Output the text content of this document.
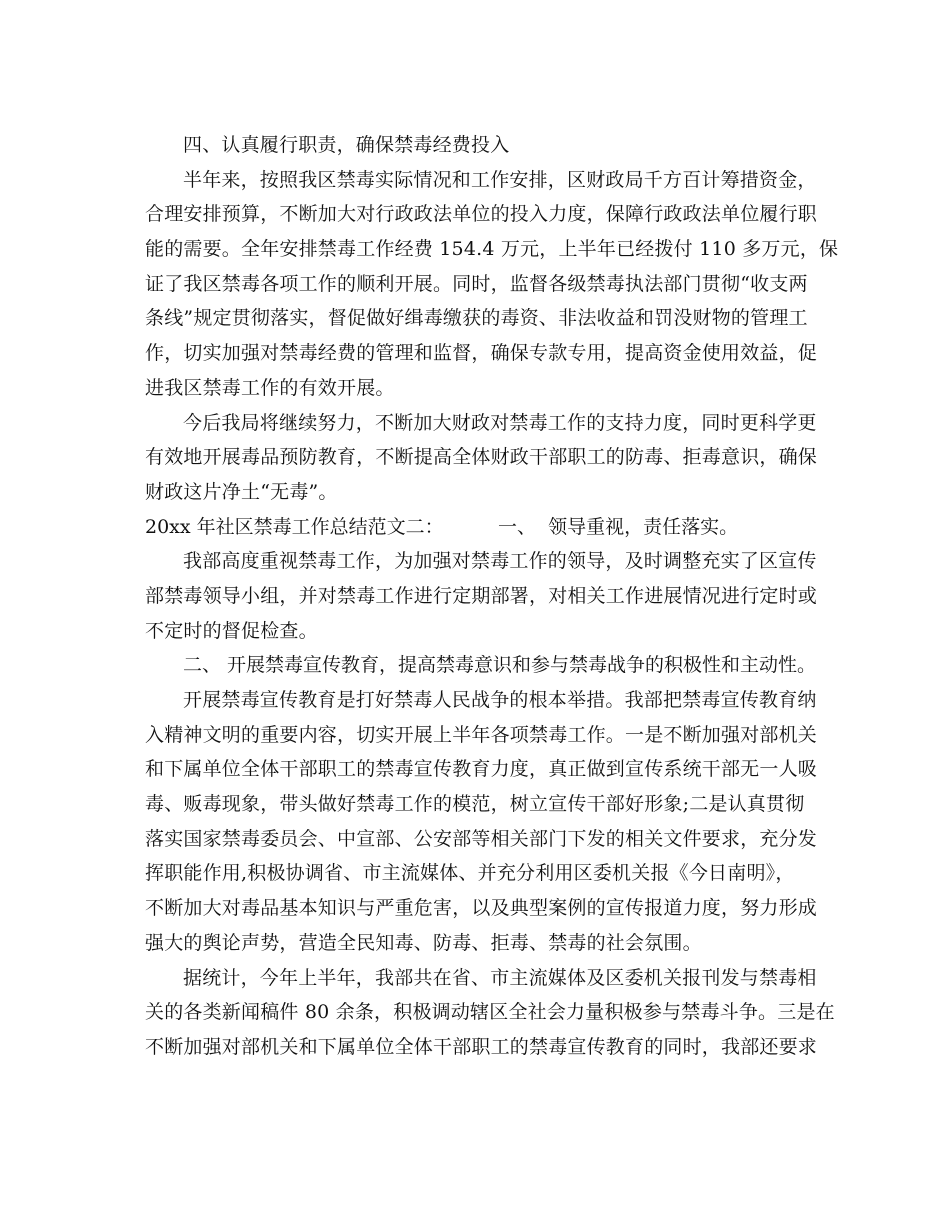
四、认真履行职责，确保禁毒经费投入
半年来，按照我区禁毒实际情况和工作安排，区财政局千方百计筹措资金，
合理安排预算，不断加大对行政政法单位的投入力度，保障行政政法单位履行职
能的需要。全年安排禁毒工作经费 154.4 万元，上半年已经拨付 110 多万元，保
证了我区禁毒各项工作的顺利开展。同时，监督各级禁毒执法部门贯彻“收支两
条线”规定贯彻落实，督促做好缉毒缴获的毒资、非法收益和罚没财物的管理工
作，切实加强对禁毒经费的管理和监督，确保专款专用，提高资金使用效益，促
进我区禁毒工作的有效开展。
今后我局将继续努力，不断加大财政对禁毒工作的支持力度，同时更科学更
有效地开展毒品预防教育，不断提高全体财政干部职工的防毒、拒毒意识，确保
财政这片净土“无毒”。
20xx 年社区禁毒工作总结范文二：         一、  领导重视，责任落实。
我部高度重视禁毒工作，为加强对禁毒工作的领导，及时调整充实了区宣传
部禁毒领导小组，并对禁毒工作进行定期部署，对相关工作进展情况进行定时或
不定时的督促检查。
二、 开展禁毒宣传教育，提高禁毒意识和参与禁毒战争的积极性和主动性。
开展禁毒宣传教育是打好禁毒人民战争的根本举措。我部把禁毒宣传教育纳
入精神文明的重要内容，切实开展上半年各项禁毒工作。一是不断加强对部机关
和下属单位全体干部职工的禁毒宣传教育力度，真正做到宣传系统干部无一人吸
毒、贩毒现象，带头做好禁毒工作的模范，树立宣传干部好形象;二是认真贯彻
落实国家禁毒委员会、中宣部、公安部等相关部门下发的相关文件要求，充分发
挥职能作用,积极协调省、市主流媒体、并充分利用区委机关报《今日南明》，
不断加大对毒品基本知识与严重危害，以及典型案例的宣传报道力度，努力形成
强大的舆论声势，营造全民知毒、防毒、拒毒、禁毒的社会氛围。
据统计，今年上半年，我部共在省、市主流媒体及区委机关报刊发与禁毒相
关的各类新闻稿件 80 余条，积极调动辖区全社会力量积极参与禁毒斗争。三是在
不断加强对部机关和下属单位全体干部职工的禁毒宣传教育的同时，我部还要求
